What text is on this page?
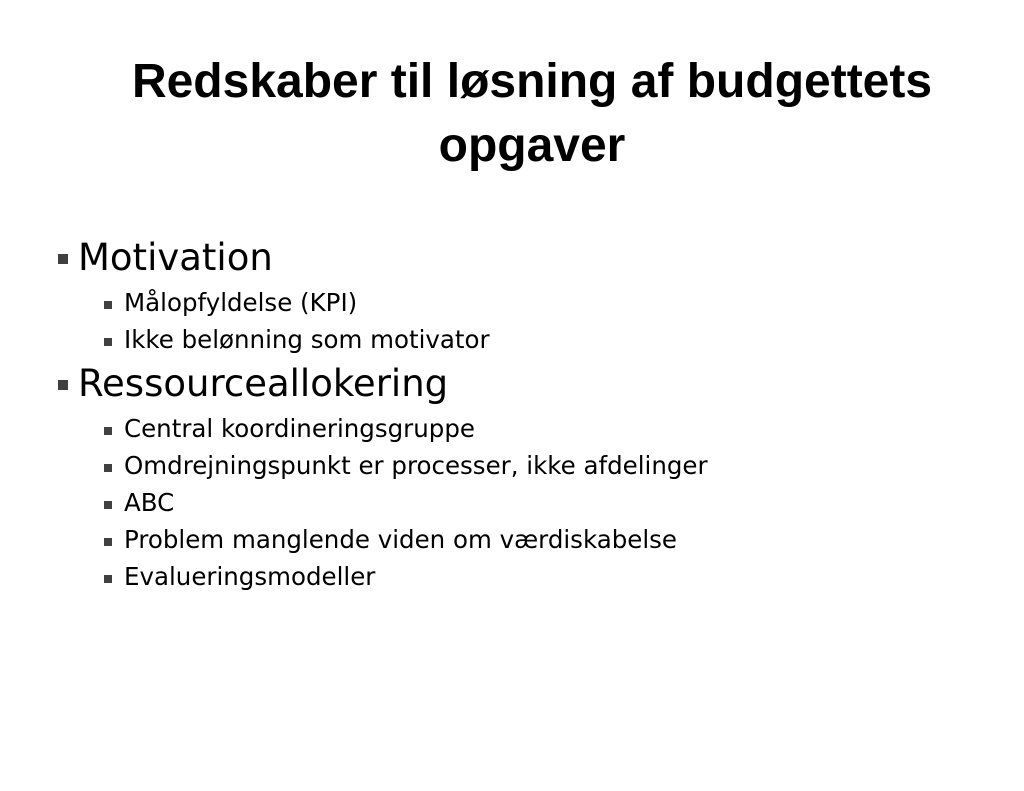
Redskaber til løsning af budgettets opgaver
Motivation
Målopfyldelse (KPI)
Ikke belønning som motivator
Ressourceallokering
Central koordineringsgruppe
Omdrejningspunkt er processer, ikke afdelinger
ABC
Problem manglende viden om værdiskabelse
Evalueringsmodeller
